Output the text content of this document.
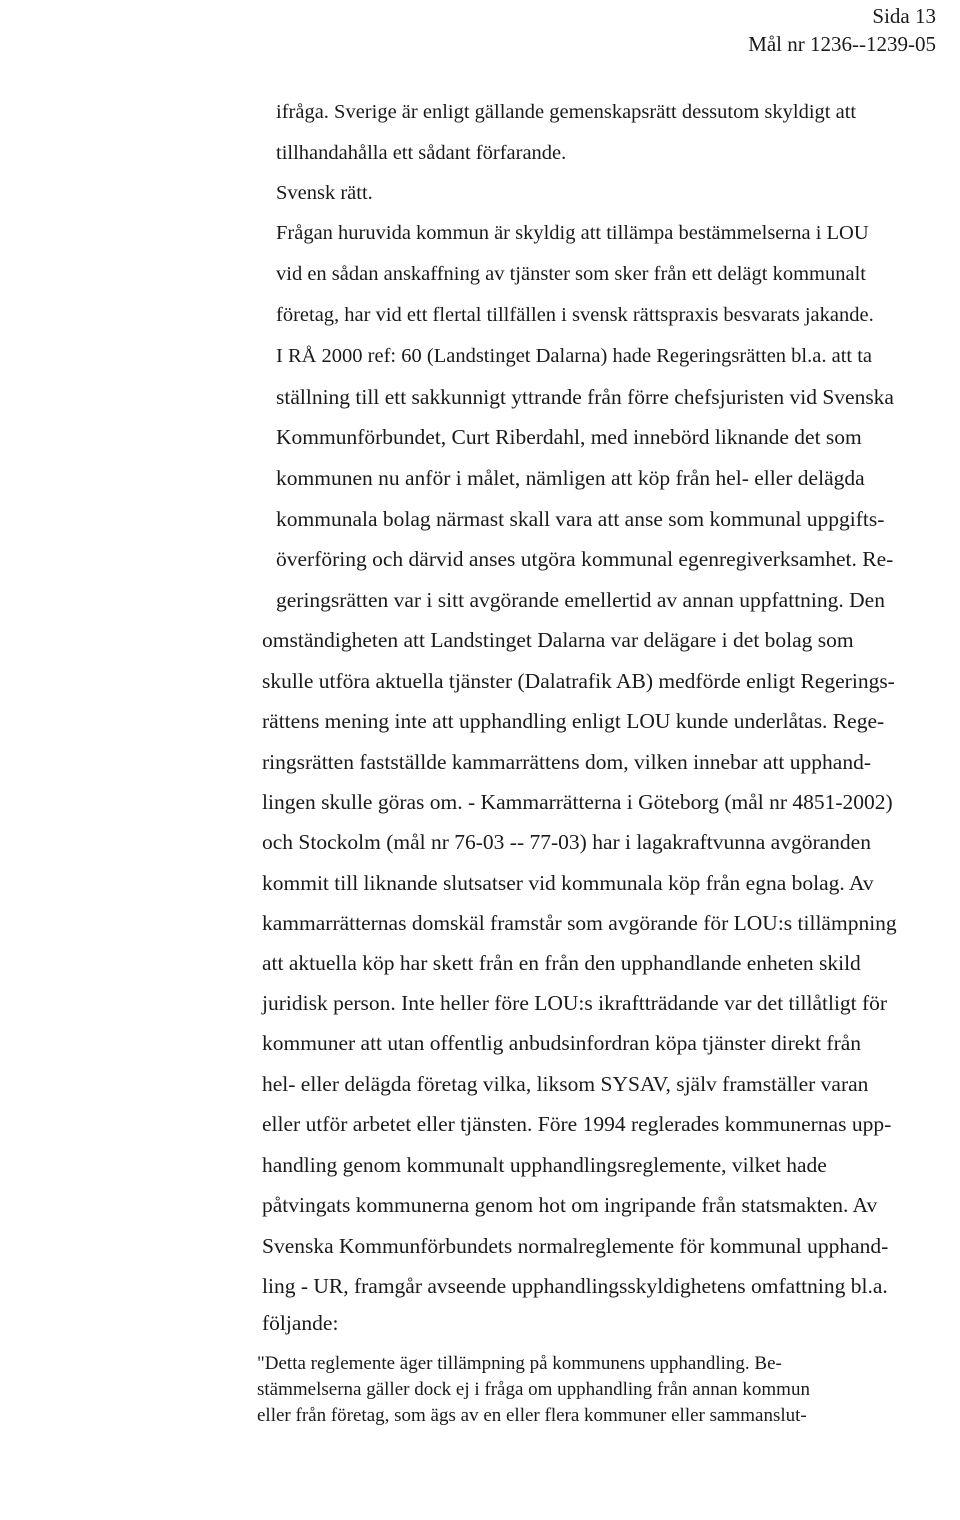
Sida 13
Mål nr 1236--1239-05
ifråga. Sverige är enligt gällande gemenskapsrätt dessutom skyldigt att
tillhandahålla ett sådant förfarande.
Svensk rätt.
Frågan huruvida kommun är skyldig att tillämpa bestämmelserna i LOU
vid en sådan anskaffning av tjänster som sker från ett delägt kommunalt
företag, har vid ett flertal tillfällen i svensk rättspraxis besvarats jakande.
I RÅ 2000 ref: 60 (Landstinget Dalarna) hade Regeringsrätten bl.a. att ta
ställning till ett sakkunnigt yttrande från förre chefsjuristen vid Svenska
Kommunförbundet, Curt Riberdahl, med innebörd liknande det som
kommunen nu anför i målet, nämligen att köp från hel- eller delägda
kommunala bolag närmast skall vara att anse som kommunal uppgifts-
överföring och därvid anses utgöra kommunal egenregiverksamhet. Re-
geringsrätten var i sitt avgörande emellertid av annan uppfattning. Den
omständigheten att Landstinget Dalarna var delägare i det bolag som
skulle utföra aktuella tjänster (Dalatrafik AB) medförde enligt Regerings-
rättens mening inte att upphandling enligt LOU kunde underlåtas. Rege-
ringsrätten fastställde kammarrättens dom, vilken innebar att upphand-
lingen skulle göras om. - Kammarrätterna i Göteborg (mål nr 4851-2002)
och Stockolm (mål nr 76-03 -- 77-03) har i lagakraftvunna avgöranden
kommit till liknande slutsatser vid kommunala köp från egna bolag. Av
kammarrätternas domskäl framstår som avgörande för LOU:s tillämpning
att aktuella köp har skett från en från den upphandlande enheten skild
juridisk person. Inte heller före LOU:s ikraftträdande var det tillåtligt för
kommuner att utan offentlig anbudsinfordran köpa tjänster direkt från
hel- eller delägda företag vilka, liksom SYSAV, själv framställer varan
eller utför arbetet eller tjänsten. Före 1994 reglerades kommunernas upp-
handling genom kommunalt upphandlingsreglemente, vilket hade
påtvingats kommunerna genom hot om ingripande från statsmakten. Av
Svenska Kommunförbundets normalreglemente för kommunal upphand-
ling - UR, framgår avseende upphandlingsskyldighetens omfattning bl.a.
följande:
"Detta reglemente äger tillämpning på kommunens upphandling. Be-
stämmelserna gäller dock ej i fråga om upphandling från annan kommun
eller från företag, som ägs av en eller flera kommuner eller sammanslut-
